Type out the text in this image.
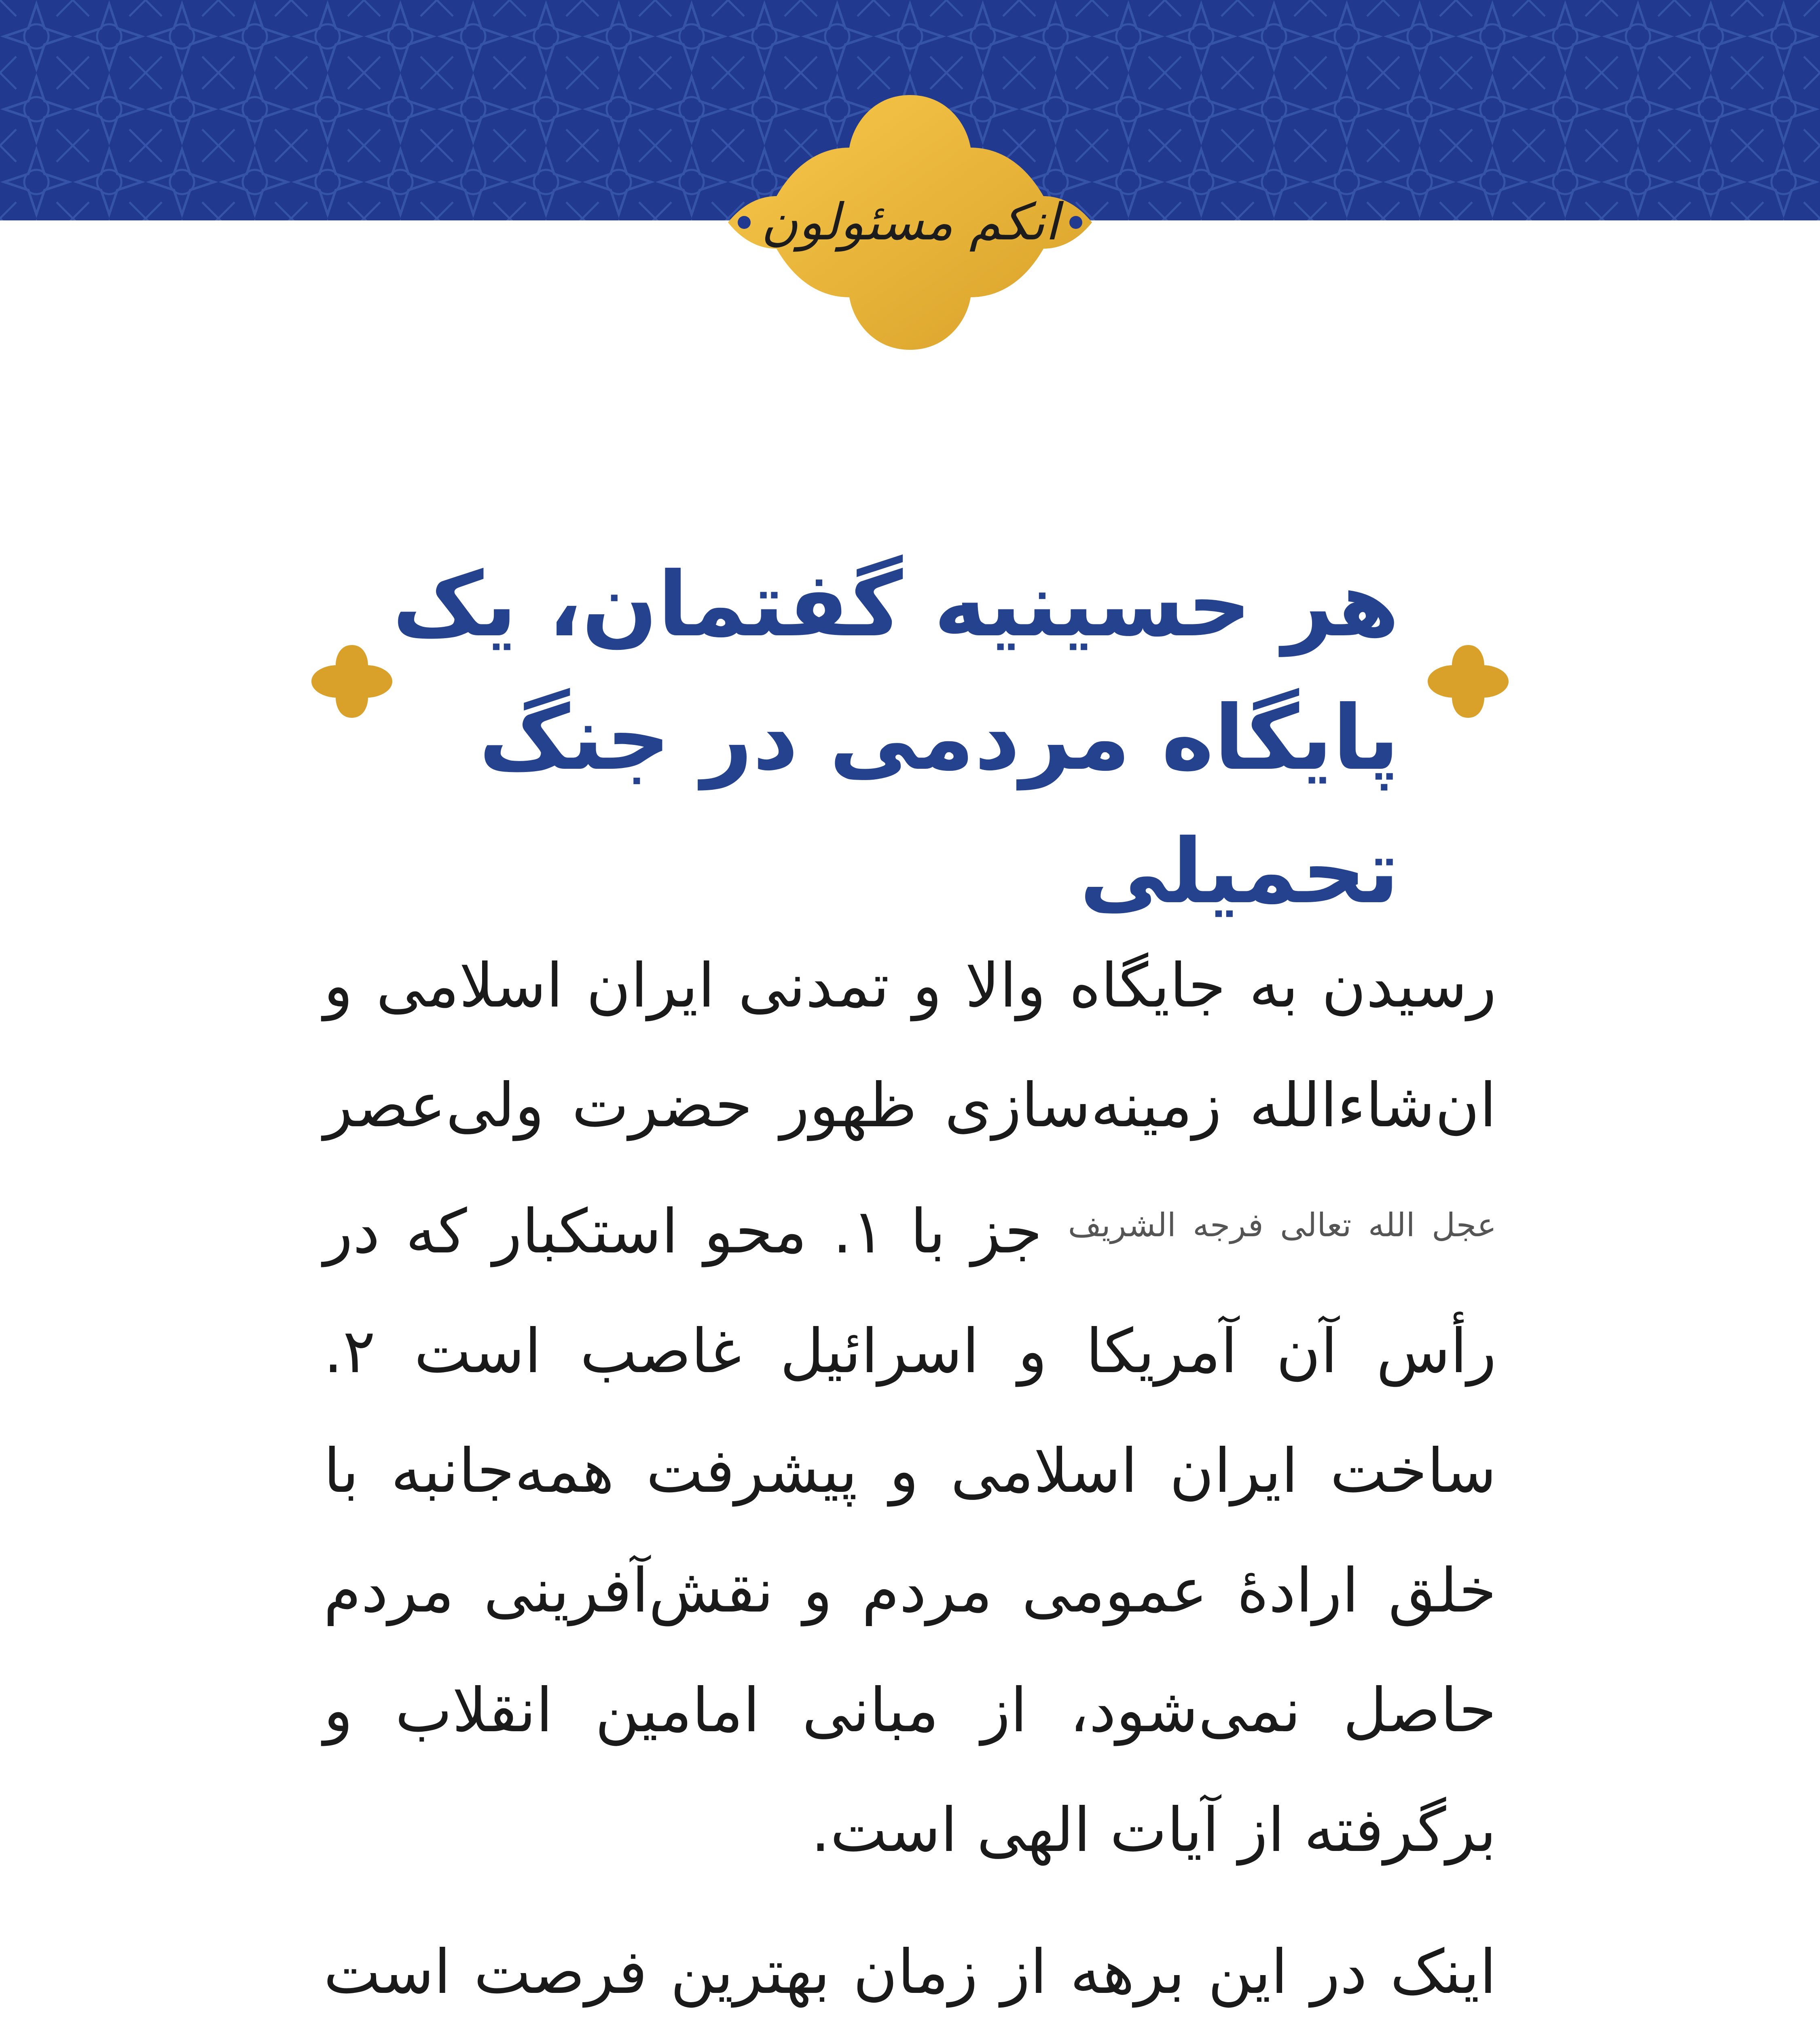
انکم مسئولون
هر حسینیه گفتمان، یک
پایگاه مردمی در جنگ تحمیلی

رسیدن به جایگاه والا و تمدنی ایران اسلامی و ان‌شاءالله زمینه‌سازی ظهور حضرت ولی‌عصر $^{عجل الله تعالی فرجه الشریف}$ جز با ۱. محو استکبار که در رأس آن آمریکا و اسرائیل غاصب است ۲. ساخت ایران اسلامی و پیشرفت همه‌جانبه با خلق ارادهٔ عمومی مردم و نقش‌آفرینی مردم حاصل نمی‌شود، از مبانی امامین انقلاب و برگرفته از آیات الهی است.

اینک در این برهه از زمان بهترین فرصت است
